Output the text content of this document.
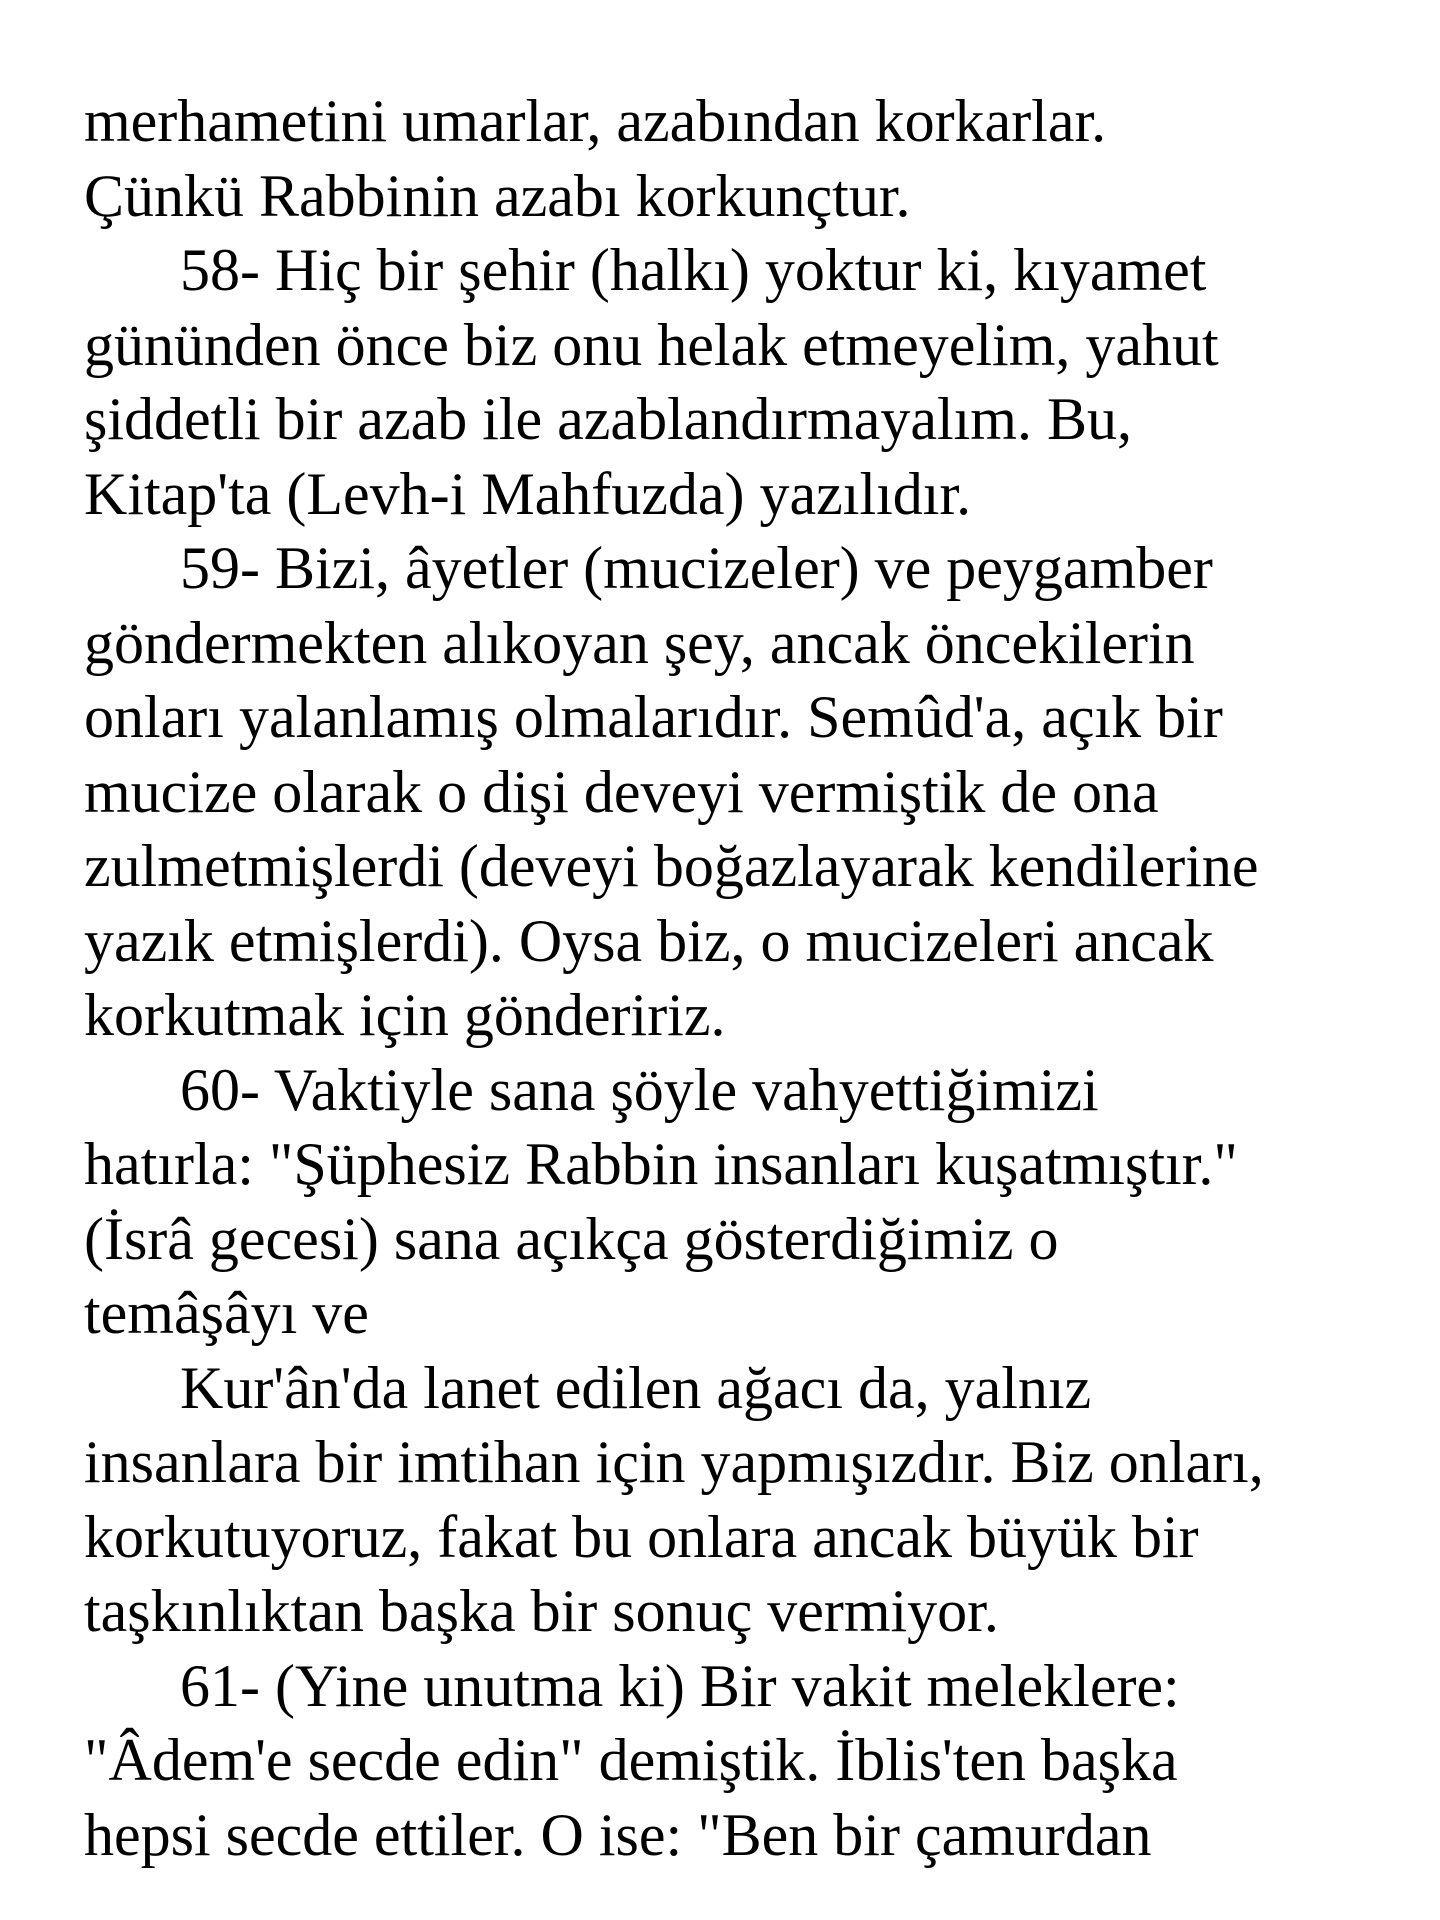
merhametini umarlar, azabından korkarlar.
Çünkü Rabbinin azabı korkunçtur.
58- Hiç bir şehir (halkı) yoktur ki, kıyamet
gününden önce biz onu helak etmeyelim, yahut
şiddetli bir azab ile azablandırmayalım. Bu,
Kitap'ta (Levh-i Mahfuzda) yazılıdır.
59- Bizi, âyetler (mucizeler) ve peygamber
göndermekten alıkoyan şey, ancak öncekilerin
onları yalanlamış olmalarıdır. Semûd'a, açık bir
mucize olarak o dişi deveyi vermiştik de ona
zulmetmişlerdi (deveyi boğazlayarak kendilerine
yazık etmişlerdi). Oysa biz, o mucizeleri ancak
korkutmak için göndeririz.
60- Vaktiyle sana şöyle vahyettiğimizi
hatırla: "Şüphesiz Rabbin insanları kuşatmıştır."
(İsrâ gecesi) sana açıkça gösterdiğimiz o
temâşâyı ve
Kur'ân'da lanet edilen ağacı da, yalnız
insanlara bir imtihan için yapmışızdır. Biz onları,
korkutuyoruz, fakat bu onlara ancak büyük bir
taşkınlıktan başka bir sonuç vermiyor.
61- (Yine unutma ki) Bir vakit meleklere:
"Âdem'e secde edin" demiştik. İblis'ten başka
hepsi secde ettiler. O ise: "Ben bir çamurdan
